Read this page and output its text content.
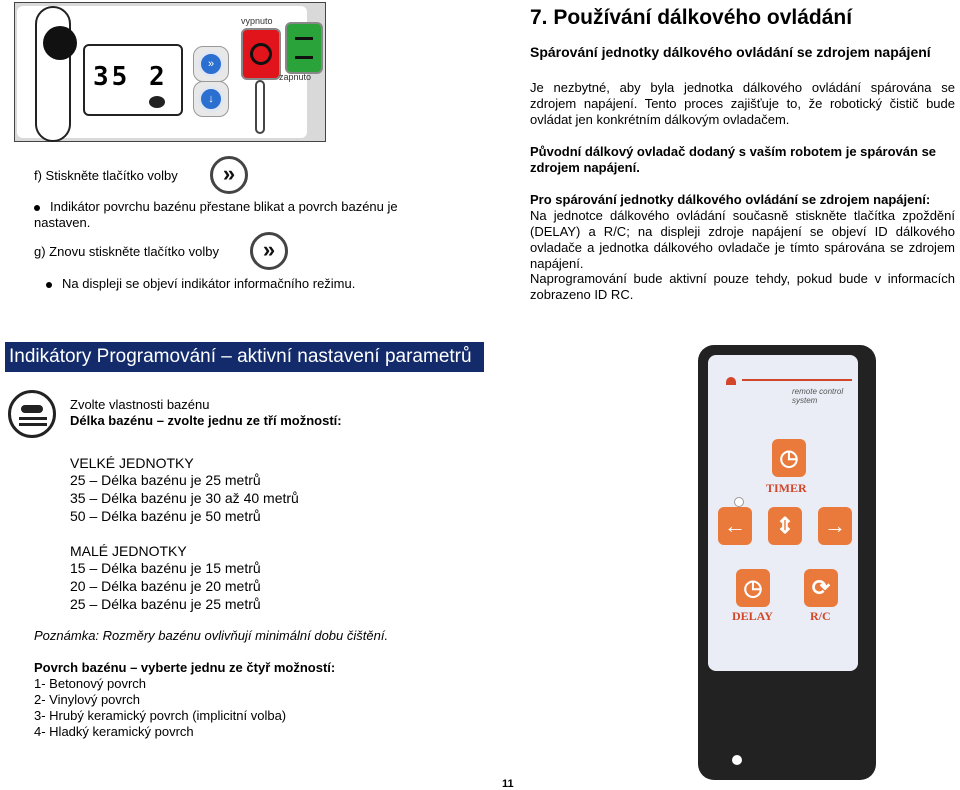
35 2	»
↓
vypnuto
zapnuto
f) Stiskněte tlačítko volby	»
Indikátor povrchu bazénu přestane blikat a povrch bazénu je nastaven.
g) Znovu stiskněte tlačítko volby	»
Na displeji se objeví indikátor informačního režimu.
7. Používání dálkového ovládání
Spárování jednotky dálkového ovládání se zdrojem napájení
Je nezbytné, aby byla jednotka dálkového ovládání spárována se zdrojem napájení. Tento proces zajišťuje to, že robotický čistič bude ovládat jen konkrétním dálkovým ovladačem.
Původní dálkový ovladač dodaný s vaším robotem je spárován se zdrojem napájení.
Pro spárování jednotky dálkového ovládání se zdrojem napájení:
Na jednotce dálkového ovládání současně stiskněte tlačítka zpoždění (DELAY) a R/C; na displeji zdroje napájení se objeví ID dálkového ovladače a jednotka dálkového ovladače je tímto spárována se zdrojem napájení.
Naprogramování bude aktivní pouze tehdy, pokud bude v informacích zobrazeno ID RC.
Indikátory Programování – aktivní nastavení parametrů
Zvolte vlastnosti bazénu
Délka bazénu – zvolte jednu ze tří možností:
VELKÉ JEDNOTKY
25 – Délka bazénu je 25 metrů
35 – Délka bazénu je 30 až 40 metrů
50 – Délka bazénu je 50 metrů
MALÉ JEDNOTKY
15 – Délka bazénu je 15 metrů
20 – Délka bazénu je 20 metrů
25 – Délka bazénu je 25 metrů
Poznámka: Rozměry bazénu ovlivňují minimální dobu čištění.
Povrch bazénu – vyberte jednu ze čtyř možností:
1- Betonový povrch
2- Vinylový povrch
3- Hrubý keramický povrch (implicitní volba)
4- Hladký keramický povrch
remote control system
◷
TIMER
←	⇕	→
◷
DELAY
⟳
R/C
11
